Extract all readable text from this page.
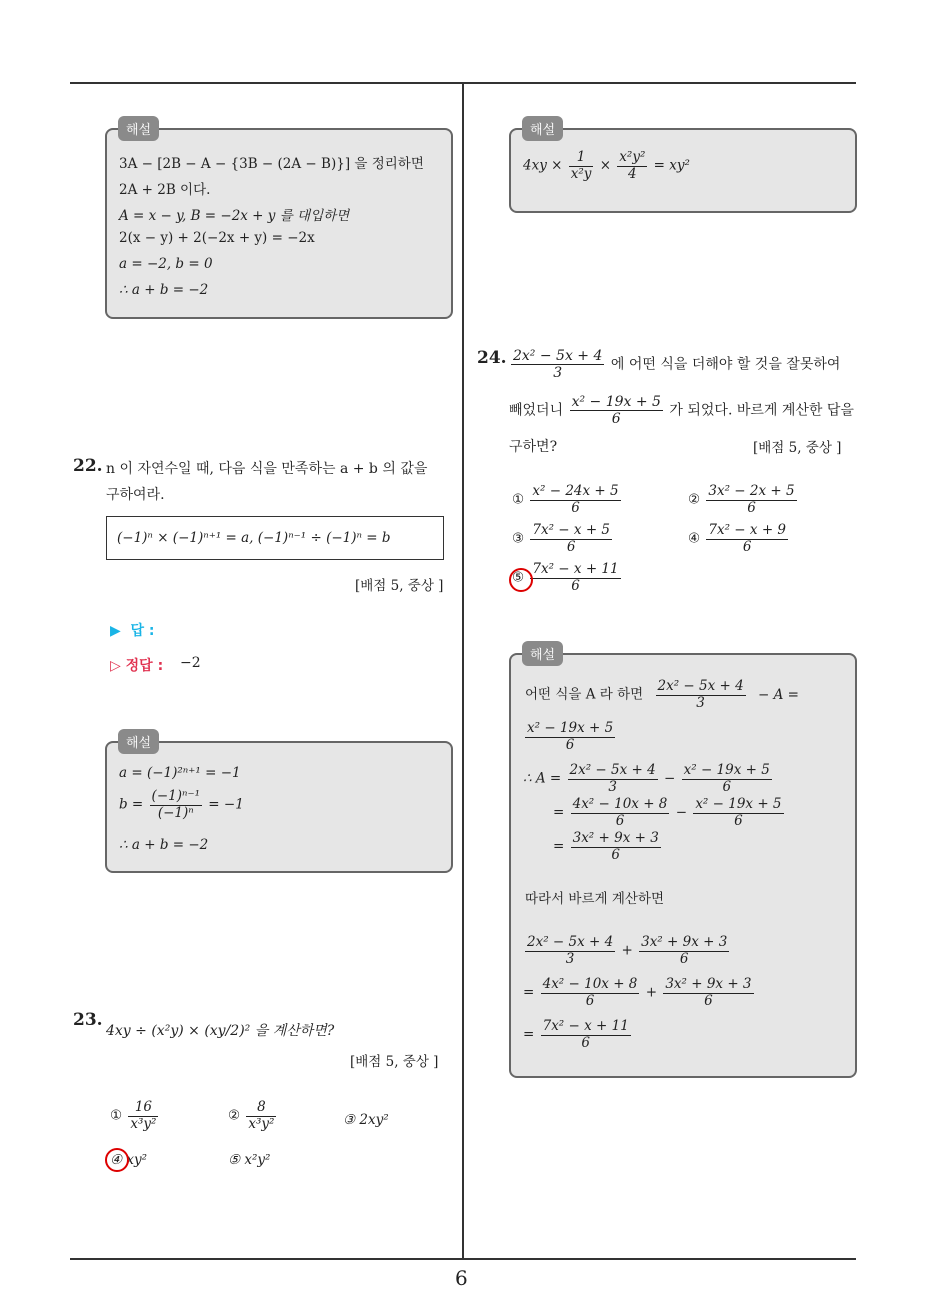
6
3A − [2B − A − {3B − (2A − B)}] 을 정리하면
2A + 2B 이다.
A = x − y, B = −2x + y 를 대입하면
2(x − y) + 2(−2x + y) = −2x
a = −2, b = 0
∴ a + b = −2
해설
22. n 이 자연수일 때, 다음 식을 만족하는 a + b 의 값을
구하여라.
(−1)ⁿ × (−1)ⁿ⁺¹ = a, (−1)ⁿ⁻¹ ÷ (−1)ⁿ = b
[배점 5, 중상 ]
▶  답 :
▷ 정답 : −2
a = (−1)²ⁿ⁺¹ = −1
$b = \frac{\text{(−1)ⁿ⁻¹}}{\text{(−1)ⁿ}} = -1$
∴ a + b = −2
해설
23.
4xy ÷ (x²y) × (xy/2)² 을 계산하면?
[배점 5, 중상 ]
① $\frac{16}{\text{x³y²}}$	② $\frac{8}{\text{x³y²}}$	③ 2xy²
④ xy²	⑤ x²y²
$4xy \times \frac{1}{\text{x²y}} \times \frac{\text{x²y²}}{4} = xy^2$
해설
24. $\frac{\text{2x² − 5x + 4}}{3}$ 에 어떤 식을 더해야 할 것을 잘못하여
빼었더니 $\frac{\text{x² − 19x + 5}}{6}$ 가 되었다. 바르게 계산한 답을
구하면?	[배점 5, 중상 ]
① $\frac{\text{x² − 24x + 5}}{6}$	② $\frac{\text{3x² − 2x + 5}}{6}$
③ $\frac{\text{7x² − x + 5}}{6}$	④ $\frac{\text{7x² − x + 9}}{6}$
⑤ $\frac{\text{7x² − x + 11}}{6}$
어떤 식을 A 라 하면 $\frac{\text{2x² − 5x + 4}}{3} - A$ =
$\frac{\text{x² − 19x + 5}}{6}$
∴ $A = \frac{\text{2x² − 5x + 4}}{3} - \frac{\text{x² − 19x + 5}}{6}$
= $\frac{\text{4x² − 10x + 8}}{6} - \frac{\text{x² − 19x + 5}}{6}$
= $\frac{\text{3x² + 9x + 3}}{6}$
따라서 바르게 계산하면
$\frac{\text{2x² − 5x + 4}}{3} + \frac{\text{3x² + 9x + 3}}{6}$
= $\frac{\text{4x² − 10x + 8}}{6} + \frac{\text{3x² + 9x + 3}}{6}$
= $\frac{\text{7x² − x + 11}}{6}$
해설
